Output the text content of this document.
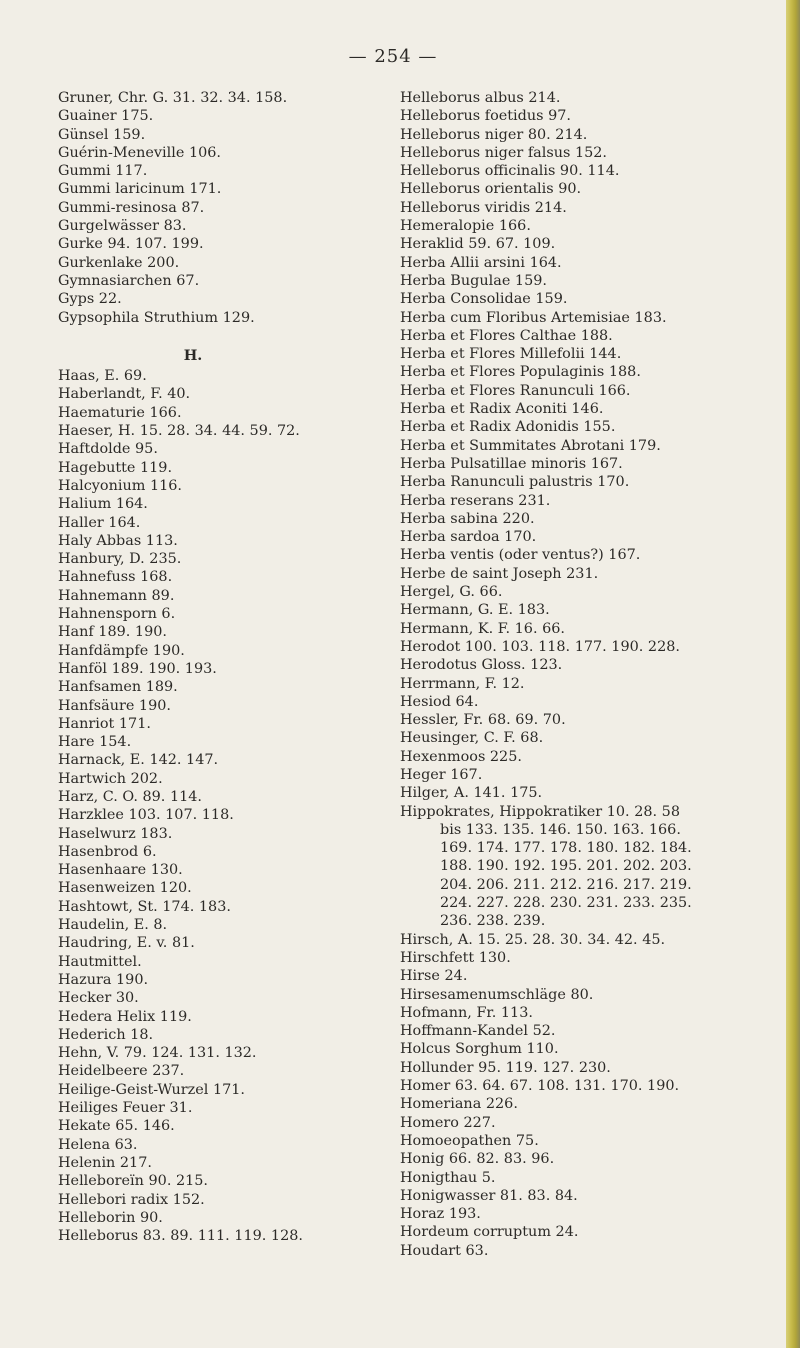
— 254 —
Gruner, Chr. G. 31. 32. 34. 158.
Guainer 175.
Günsel 159.
Guérin-Meneville 106.
Gummi 117.
Gummi laricinum 171.
Gummi-resinosa 87.
Gurgelwässer 83.
Gurke 94. 107. 199.
Gurkenlake 200.
Gymnasiarchen 67.
Gyps 22.
Gypsophila Struthium 129.
H.
Haas, E. 69.
Haberlandt, F. 40.
Haematurie 166.
Haeser, H. 15. 28. 34. 44. 59. 72.
Haftdolde 95.
Hagebutte 119.
Halcyonium 116.
Halium 164.
Haller 164.
Haly Abbas 113.
Hanbury, D. 235.
Hahnefuss 168.
Hahnemann 89.
Hahnensporn 6.
Hanf 189. 190.
Hanfdämpfe 190.
Hanföl 189. 190. 193.
Hanfsamen 189.
Hanfsäure 190.
Hanriot 171.
Hare 154.
Harnack, E. 142. 147.
Hartwich 202.
Harz, C. O. 89. 114.
Harzklee 103. 107. 118.
Haselwurz 183.
Hasenbrod 6.
Hasenhaare 130.
Hasenweizen 120.
Hashtowt, St. 174. 183.
Haudelin, E. 8.
Haudring, E. v. 81.
Hautmittel.
Hazura 190.
Hecker 30.
Hedera Helix 119.
Hederich 18.
Hehn, V. 79. 124. 131. 132.
Heidelbeere 237.
Heilige-Geist-Wurzel 171.
Heiliges Feuer 31.
Hekate 65. 146.
Helena 63.
Helenin 217.
Helleboreïn 90. 215.
Hellebori radix 152.
Helleborin 90.
Helleborus 83. 89. 111. 119. 128.
Helleborus albus 214.
Helleborus foetidus 97.
Helleborus niger 80. 214.
Helleborus niger falsus 152.
Helleborus officinalis 90. 114.
Helleborus orientalis 90.
Helleborus viridis 214.
Hemeralopie 166.
Heraklid 59. 67. 109.
Herba Allii arsini 164.
Herba Bugulae 159.
Herba Consolidae 159.
Herba cum Floribus Artemisiae 183.
Herba et Flores Calthae 188.
Herba et Flores Millefolii 144.
Herba et Flores Populaginis 188.
Herba et Flores Ranunculi 166.
Herba et Radix Aconiti 146.
Herba et Radix Adonidis 155.
Herba et Summitates Abrotani 179.
Herba Pulsatillae minoris 167.
Herba Ranunculi palustris 170.
Herba reserans 231.
Herba sabina 220.
Herba sardoa 170.
Herba ventis (oder ventus?) 167.
Herbe de saint Joseph 231.
Hergel, G. 66.
Hermann, G. E. 183.
Hermann, K. F. 16. 66.
Herodot 100. 103. 118. 177. 190. 228.
Herodotus Gloss. 123.
Herrmann, F. 12.
Hesiod 64.
Hessler, Fr. 68. 69. 70.
Heusinger, C. F. 68.
Hexenmoos 225.
Heger 167.
Hilger, A. 141. 175.
Hippokrates, Hippokratiker 10. 28. 58
bis 133. 135. 146. 150. 163. 166.
169. 174. 177. 178. 180. 182. 184.
188. 190. 192. 195. 201. 202. 203.
204. 206. 211. 212. 216. 217. 219.
224. 227. 228. 230. 231. 233. 235.
236. 238. 239.
Hirsch, A. 15. 25. 28. 30. 34. 42. 45.
Hirschfett 130.
Hirse 24.
Hirsesamenumschläge 80.
Hofmann, Fr. 113.
Hoffmann-Kandel 52.
Holcus Sorghum 110.
Hollunder 95. 119. 127. 230.
Homer 63. 64. 67. 108. 131. 170. 190.
Homeriana 226.
Homero 227.
Homoeopathen 75.
Honig 66. 82. 83. 96.
Honigthau 5.
Honigwasser 81. 83. 84.
Horaz 193.
Hordeum corruptum 24.
Houdart 63.
